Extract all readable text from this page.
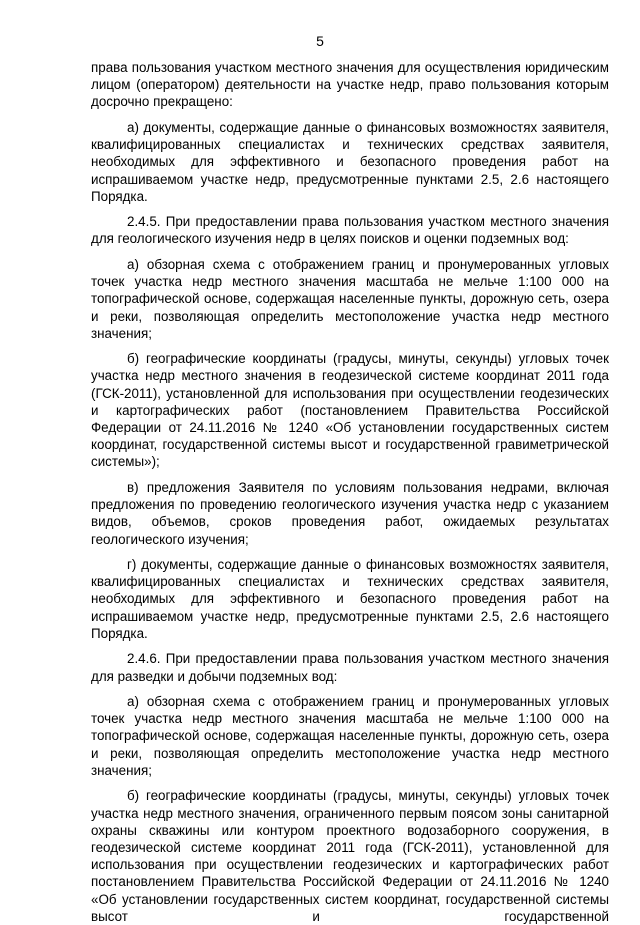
5

права пользования участком местного значения для осуществления юридическим лицом (оператором) деятельности на участке недр, право пользования которым досрочно прекращено:

а) документы, содержащие данные о финансовых возможностях заявителя, квалифицированных специалистах и технических средствах заявителя, необходимых для эффективного и безопасного проведения работ на испрашиваемом участке недр, предусмотренные пунктами 2.5, 2.6 настоящего Порядка.

2.4.5. При предоставлении права пользования участком местного значения для геологического изучения недр в целях поисков и оценки подземных вод:

а) обзорная схема с отображением границ и пронумерованных угловых точек участка недр местного значения масштаба не мельче 1:100 000 на топографической основе, содержащая населенные пункты, дорожную сеть, озера и реки, позволяющая определить местоположение участка недр местного значения;

б) географические координаты (градусы, минуты, секунды) угловых точек участка недр местного значения в геодезической системе координат 2011 года (ГСК-2011), установленной для использования при осуществлении геодезических и картографических работ (постановлением Правительства Российской Федерации от 24.11.2016 № 1240 «Об установлении государственных систем координат, государственной системы высот и государственной гравиметрической системы»);

в) предложения Заявителя по условиям пользования недрами, включая предложения по проведению геологического изучения участка недр с указанием видов, объемов, сроков проведения работ, ожидаемых результатах геологического изучения;

г) документы, содержащие данные о финансовых возможностях заявителя, квалифицированных специалистах и технических средствах заявителя, необходимых для эффективного и безопасного проведения работ на испрашиваемом участке недр, предусмотренные пунктами 2.5, 2.6 настоящего Порядка.

2.4.6. При предоставлении права пользования участком местного значения для разведки и добычи подземных вод:

а) обзорная схема с отображением границ и пронумерованных угловых точек участка недр местного значения масштаба не мельче 1:100 000 на топографической основе, содержащая населенные пункты, дорожную сеть, озера и реки, позволяющая определить местоположение участка недр местного значения;

б) географические координаты (градусы, минуты, секунды) угловых точек участка недр местного значения, ограниченного первым поясом зоны санитарной охраны скважины или контуром проектного водозаборного сооружения, в геодезической системе координат 2011 года (ГСК-2011), установленной для использования при осуществлении геодезических и картографических работ постановлением Правительства Российской Федерации от 24.11.2016 № 1240 «Об установлении государственных систем координат, государственной системы высот и государственной
